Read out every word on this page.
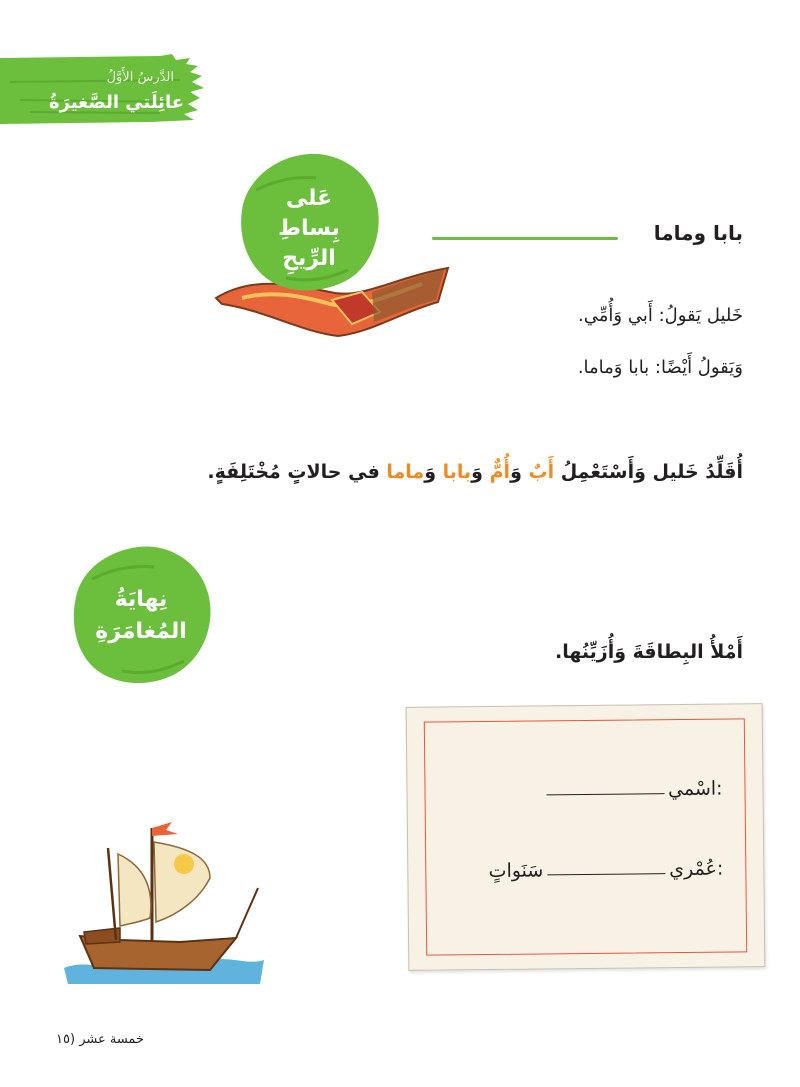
الدَّرسُ الأَوَّلُ
عائِلَتي الصَّغيرَةُ
عَلى
بِساطِ
الرِّيحِ
بابا وماما
خَليل يَقولُ: أَبي وَأُمِّي.
وَيَقولُ أَيْضًا: بابا وَماما.
أُقَلِّدُ خَليل وَأَسْتَعْمِلُ أَبٌ وَأُمٌّ وَبابا وَماما في حالاتٍ مُخْتَلِفَةٍ.
نِهايَةُ
المُغامَرَةِ
أَمْلأُ البِطاقَةَ وَأُزَيِّنُها.
اسْمي:
عُمْري:
سَنَواتٍ
خمسة عشر (١٥
